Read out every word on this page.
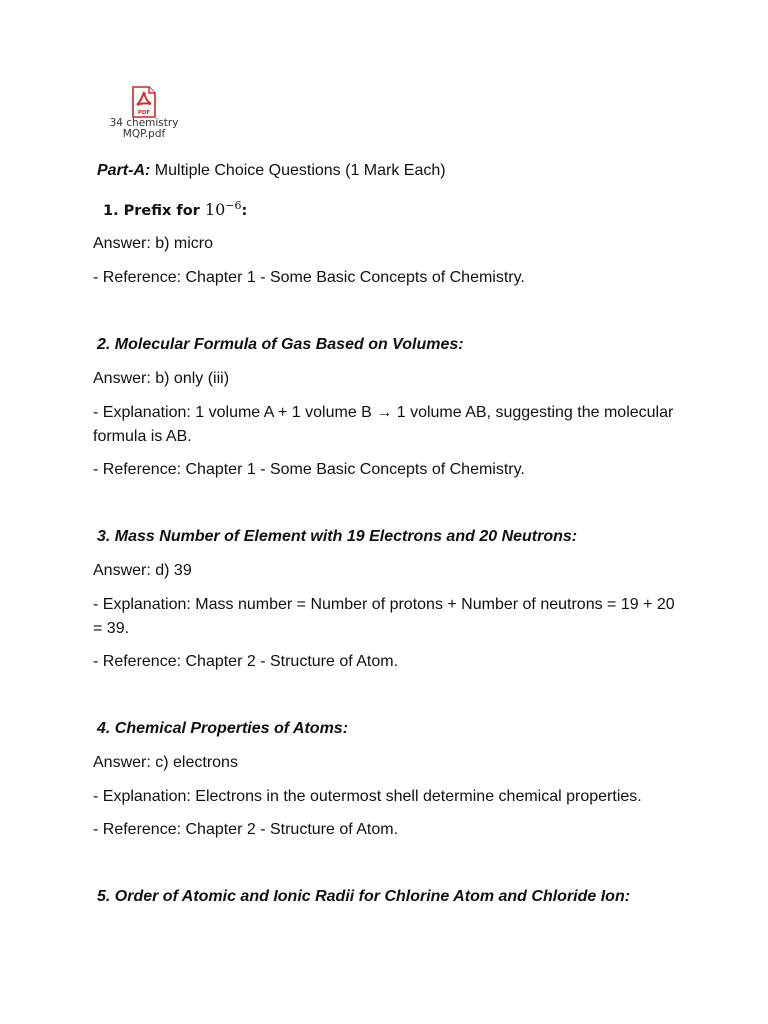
PDF
34 chemistry
MQP.pdf
Part-A: Multiple Choice Questions (1 Mark Each)
1. Prefix for $10^{-6}$:
Answer: b) micro
- Reference: Chapter 1 - Some Basic Concepts of Chemistry.
2. Molecular Formula of Gas Based on Volumes:
Answer: b) only (iii)
- Explanation: 1 volume A + 1 volume B → 1 volume AB, suggesting the molecular formula is AB.
- Reference: Chapter 1 - Some Basic Concepts of Chemistry.
3. Mass Number of Element with 19 Electrons and 20 Neutrons:
Answer: d) 39
- Explanation: Mass number = Number of protons + Number of neutrons = 19 + 20 = 39.
- Reference: Chapter 2 - Structure of Atom.
4. Chemical Properties of Atoms:
Answer: c) electrons
- Explanation: Electrons in the outermost shell determine chemical properties.
- Reference: Chapter 2 - Structure of Atom.
5. Order of Atomic and Ionic Radii for Chlorine Atom and Chloride Ion:
